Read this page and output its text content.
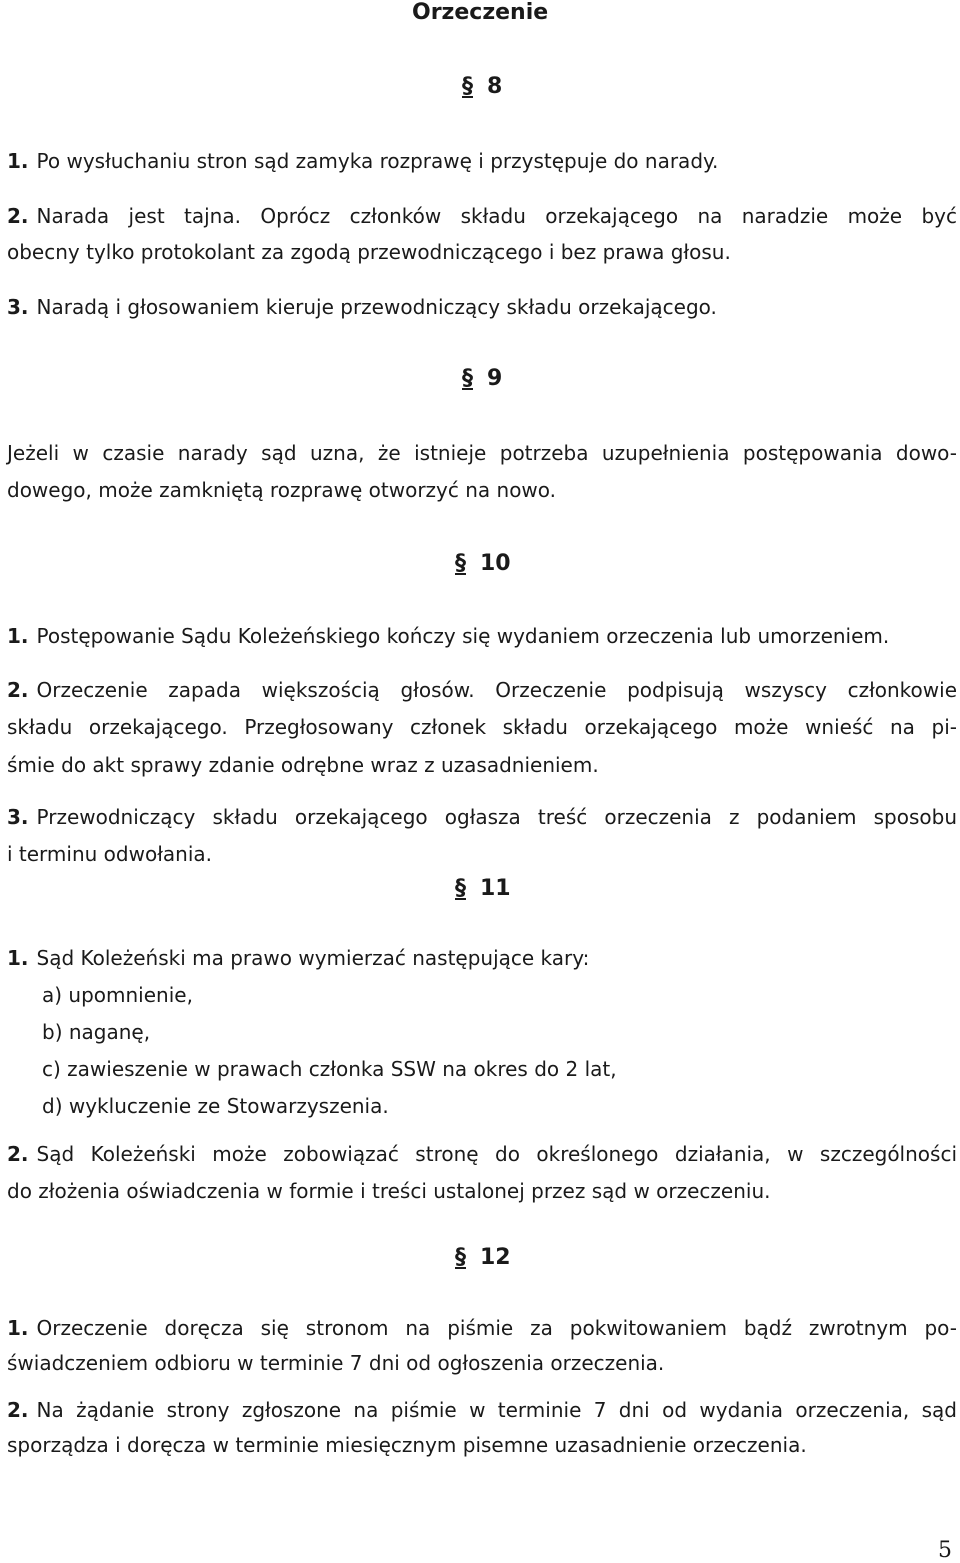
Orzeczenie
§ 8
1. Po wysłuchaniu stron sąd zamyka rozprawę i przystępuje do narady.
2. Narada jest tajna. Oprócz członków składu orzekającego na naradzie może być
obecny tylko protokolant za zgodą przewodniczącego i bez prawa głosu.
3. Naradą i głosowaniem kieruje przewodniczący składu orzekającego.
§ 9
Jeżeli w czasie narady sąd uzna, że istnieje potrzeba uzupełnienia postępowania dowo-
dowego, może zamkniętą rozprawę otworzyć na nowo.
§ 10
1. Postępowanie Sądu Koleżeńskiego kończy się wydaniem orzeczenia lub umorzeniem.
2. Orzeczenie zapada większością głosów. Orzeczenie podpisują wszyscy członkowie
składu orzekającego. Przegłosowany członek składu orzekającego może wnieść na pi-
śmie do akt sprawy zdanie odrębne wraz z uzasadnieniem.
3. Przewodniczący składu orzekającego ogłasza treść orzeczenia z podaniem sposobu
i terminu odwołania.
§ 11
1. Sąd Koleżeński ma prawo wymierzać następujące kary:
a) upomnienie,
b) naganę,
c) zawieszenie w prawach członka SSW na okres do 2 lat,
d) wykluczenie ze Stowarzyszenia.
2. Sąd Koleżeński może zobowiązać stronę do określonego działania, w szczególności
do złożenia oświadczenia w formie i treści ustalonej przez sąd w orzeczeniu.
§ 12
1. Orzeczenie doręcza się stronom na piśmie za pokwitowaniem bądź zwrotnym po-
świadczeniem odbioru w terminie 7 dni od ogłoszenia orzeczenia.
2. Na żądanie strony zgłoszone na piśmie w terminie 7 dni od wydania orzeczenia, sąd
sporządza i doręcza w terminie miesięcznym pisemne uzasadnienie orzeczenia.
5
